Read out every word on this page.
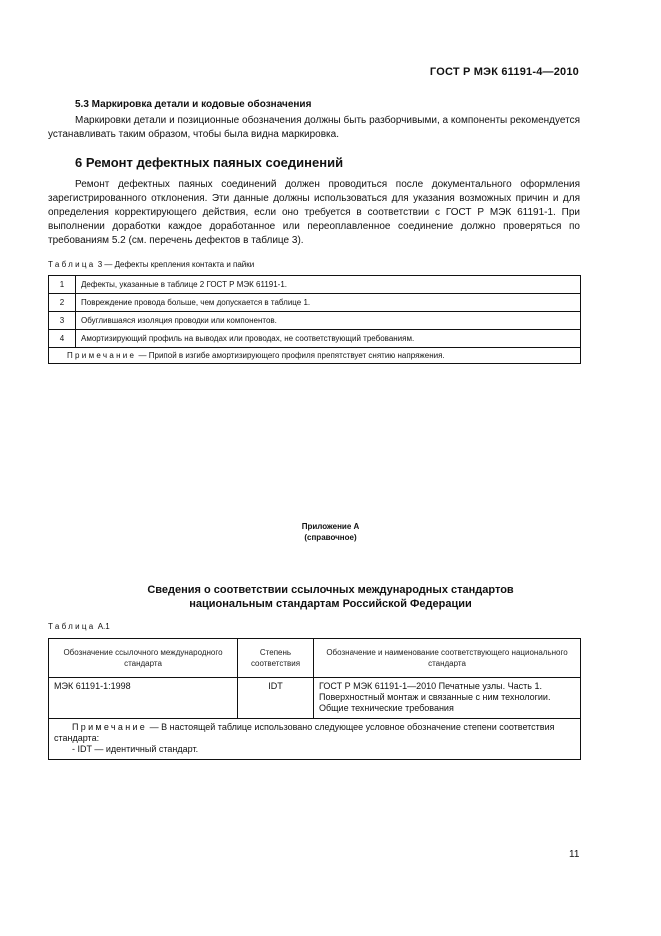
ГОСТ Р МЭК 61191-4—2010
5.3 Маркировка детали и кодовые обозначения
Маркировки детали и позиционные обозначения должны быть разборчивыми, а компоненты рекомендуется устанавливать таким образом, чтобы была видна маркировка.
6 Ремонт дефектных паяных соединений
Ремонт дефектных паяных соединений должен проводиться после документального оформления зарегистрированного отклонения. Эти данные должны использоваться для указания возможных причин и для определения корректирующего действия, если оно требуется в соответствии с ГОСТ Р МЭК 61191-1. При выполнении доработки каждое доработанное или переоплавленное соединение должно проверяться по требованиям 5.2 (см. перечень дефектов в таблице 3).
Таблица 3 — Дефекты крепления контакта и пайки
1	Дефекты, указанные в таблице 2 ГОСТ Р МЭК 61191-1.
2	Повреждение провода больше, чем допускается в таблице 1.
3	Обуглившаяся изоляция проводки или компонентов.
4	Амортизирующий профиль на выводах или проводах, не соответствующий требованиям.
Примечание — Припой в изгибе амортизирующего профиля препятствует снятию напряжения.	
Приложение А
(справочное)
Сведения о соответствии ссылочных международных стандартов
национальным стандартам Российской Федерации
Таблица А.1
Обозначение ссылочного международного стандарта	Степень соответствия	Обозначение и наименование соответствующего национального стандарта
МЭК 61191-1:1998	IDT	ГОСТ Р МЭК 61191-1—2010 Печатные узлы. Часть 1. Поверхностный монтаж и связанные с ним технологии. Общие технические требования

Примечание — В настоящей таблице использовано следующее условное обозначение степени соответствия стандарта:
- IDT — идентичный стандарт.		
11
